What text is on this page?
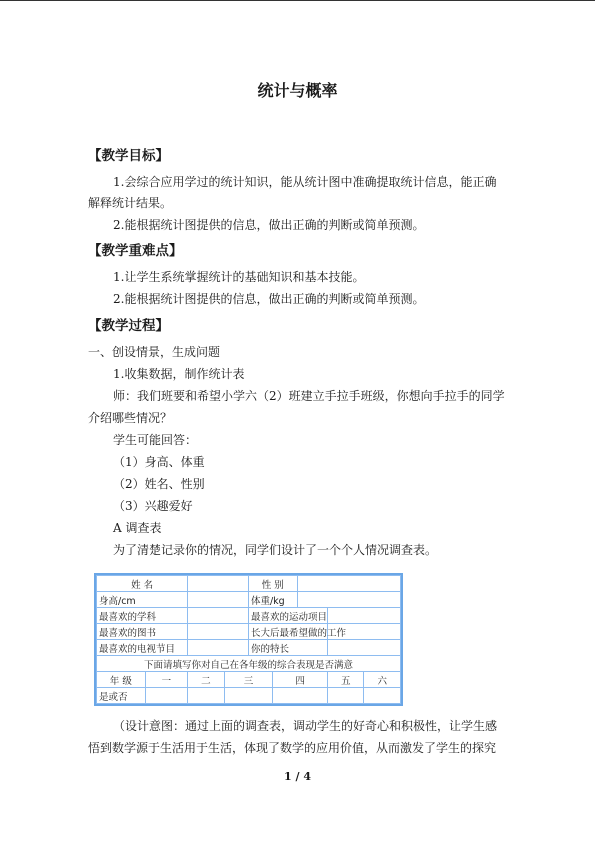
统计与概率
【教学目标】
1.会综合应用学过的统计知识，能从统计图中准确提取统计信息，能正确
解释统计结果。
2.能根据统计图提供的信息，做出正确的判断或简单预测。
【教学重难点】
1.让学生系统掌握统计的基础知识和基本技能。
2.能根据统计图提供的信息，做出正确的判断或简单预测。
【教学过程】
一、创设情景，生成问题
1.收集数据，制作统计表
师：我们班要和希望小学六（2）班建立手拉手班级，你想向手拉手的同学
介绍哪些情况？
学生可能回答：
（1）身高、体重
（2）姓名、性别
（3）兴趣爱好
A 调查表
为了清楚记录你的情况，同学们设计了一个个人情况调查表。
姓 名				性 别				
身高/cm				体重/kg				
最喜欢的学科				最喜欢的运动项目				
最喜欢的图书				长大后最希望做的工作				
最喜欢的电视节目				你的特长				
下面请填写你对自己在各年级的综合表现是否满意								
年 级	一	二	三		四		五	六
是或否								
（设计意图：通过上面的调查表，调动学生的好奇心和积极性，让学生感
悟到数学源于生活用于生活，体现了数学的应用价值，从而激发了学生的探究
1 / 4
